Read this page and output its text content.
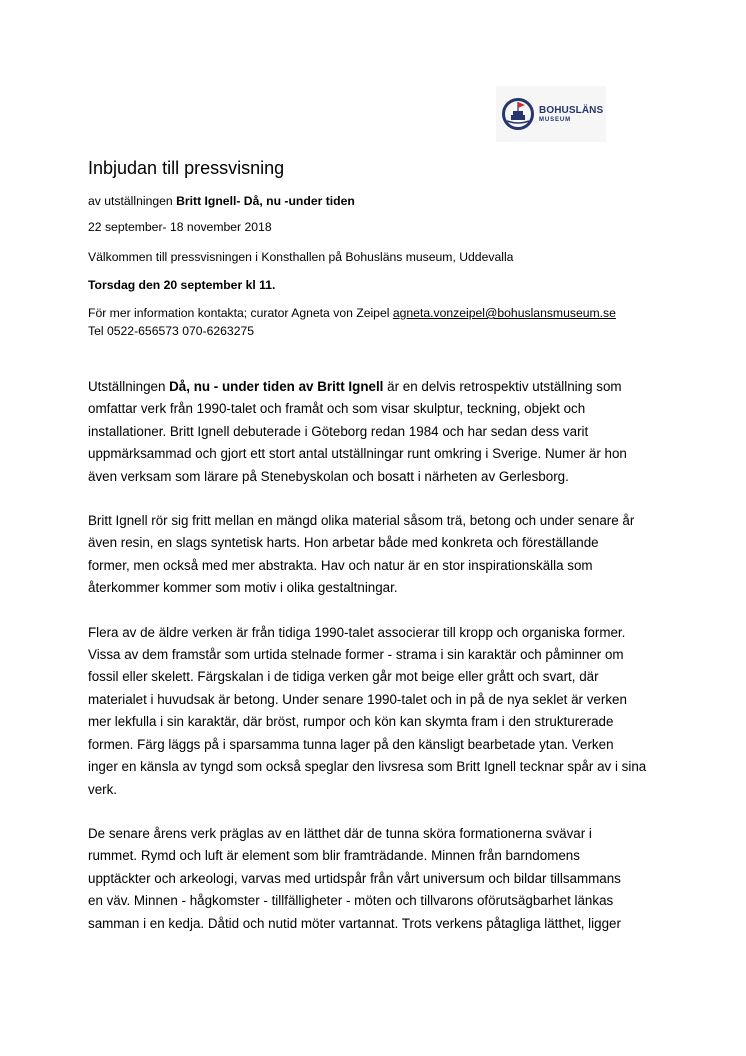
BOHUSLÄNS
MUSEUM
Inbjudan till pressvisning

av utställningen Britt Ignell- Då, nu -under tiden

22 september- 18 november 2018

Välkommen till pressvisningen i Konsthallen på Bohusläns museum, Uddevalla

Torsdag den 20 september kl 11.

För mer information kontakta; curator Agneta von Zeipel agneta.vonzeipel@bohuslansmuseum.se

Tel 0522-656573 070-6263275

Utställningen Då, nu - under tiden av Britt Ignell är en delvis retrospektiv utställning som
omfattar verk från 1990-talet och framåt och som visar skulptur, teckning, objekt och
installationer. Britt Ignell debuterade i Göteborg redan 1984 och har sedan dess varit
uppmärksammad och gjort ett stort antal utställningar runt omkring i Sverige. Numer är hon
även verksam som lärare på Stenebyskolan och bosatt i närheten av Gerlesborg.

Britt Ignell rör sig fritt mellan en mängd olika material såsom trä, betong och under senare år
även resin, en slags syntetisk harts. Hon arbetar både med konkreta och föreställande
former, men också med mer abstrakta. Hav och natur är en stor inspirationskälla som
återkommer kommer som motiv i olika gestaltningar.

Flera av de äldre verken är från tidiga 1990-talet associerar till kropp och organiska former.
Vissa av dem framstår som urtida stelnade former - strama i sin karaktär och påminner om
fossil eller skelett. Färgskalan i de tidiga verken går mot beige eller grått och svart, där
materialet i huvudsak är betong. Under senare 1990-talet och in på de nya seklet är verken
mer lekfulla i sin karaktär, där bröst, rumpor och kön kan skymta fram i den strukturerade
formen. Färg läggs på i sparsamma tunna lager på den känsligt bearbetade ytan. Verken
inger en känsla av tyngd som också speglar den livsresa som Britt Ignell tecknar spår av i sina
verk.

De senare årens verk präglas av en lätthet där de tunna sköra formationerna svävar i
rummet. Rymd och luft är element som blir framträdande. Minnen från barndomens
upptäckter och arkeologi, varvas med urtidspår från vårt universum och bildar tillsammans
en väv. Minnen - hågkomster - tillfälligheter - möten och tillvarons oförutsägbarhet länkas
samman i en kedja. Dåtid och nutid möter vartannat. Trots verkens påtagliga lätthet, ligger
